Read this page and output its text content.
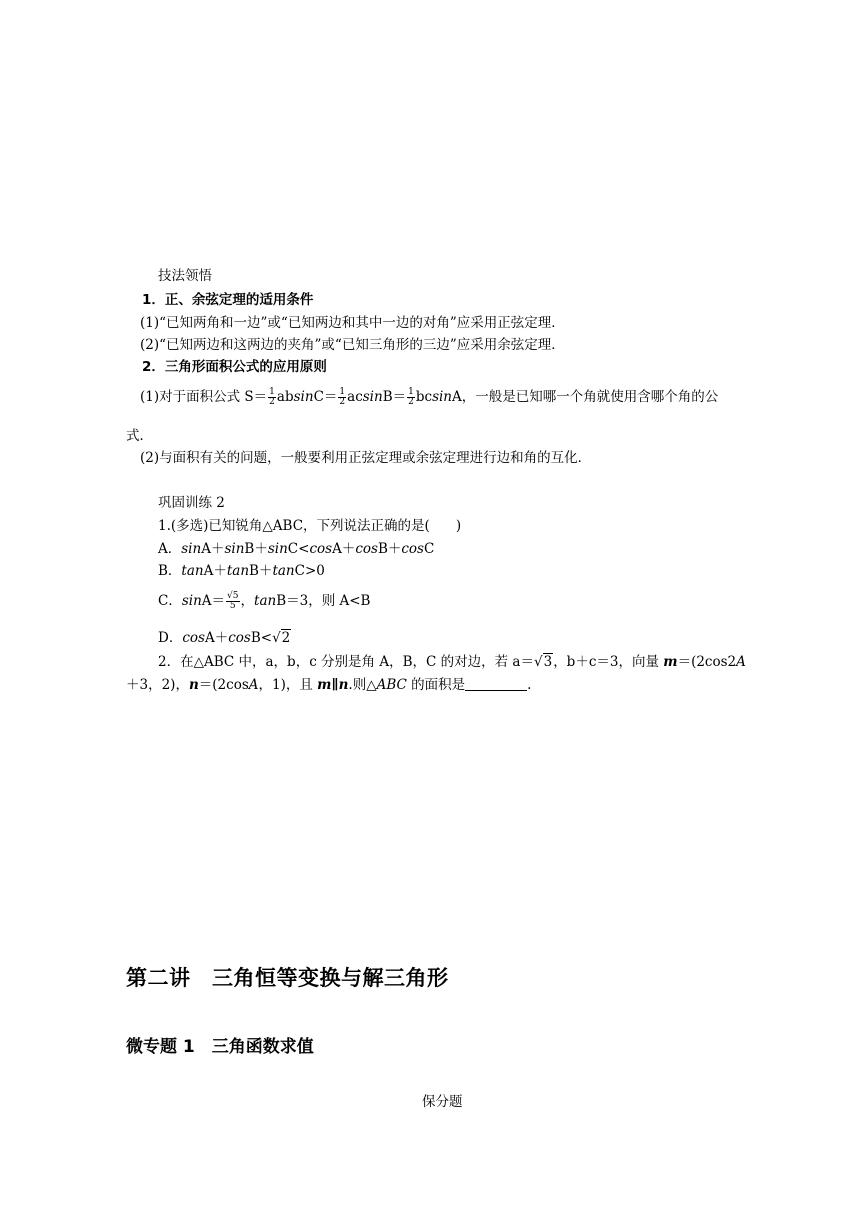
技法领悟
1．正、余弦定理的适用条件
(1)“已知两角和一边”或“已知两边和其中一边的对角”应采用正弦定理．
(2)“已知两边和这两边的夹角”或“已知三角形的三边”应采用余弦定理．
2．三角形面积公式的应用原则
(1)对于面积公式 $S= \frac{1}{2} absinC= \frac{1}{2} acsinB= \frac{1}{2}$ bcsinA，一般是已知哪一个角就使用含哪个角的公
式．
(2)与面积有关的问题，一般要利用正弦定理或余弦定理进行边和角的互化．
巩固训练 2
1.(多选)已知锐角△ABC，下列说法正确的是( )
A．sinA＋sinB＋sinC<cosA＋cosB＋cosC
B．tanA＋tanB＋tanC>0
C．$\sin A= \frac{√5}{5}$ ，tanB＝3，则 A<B
D．cosA＋cosB<√2
2．在△ABC 中，a，b，c 分别是角 A，B，C 的对边，若 a＝√3，b＋c＝3，向量 m＝(2cos2A
＋3，2)，n＝(2cosA，1)，且 m∥n.则△ABC 的面积是	.
第二讲　三角恒等变换与解三角形
微专题 1　三角函数求值
保分题
